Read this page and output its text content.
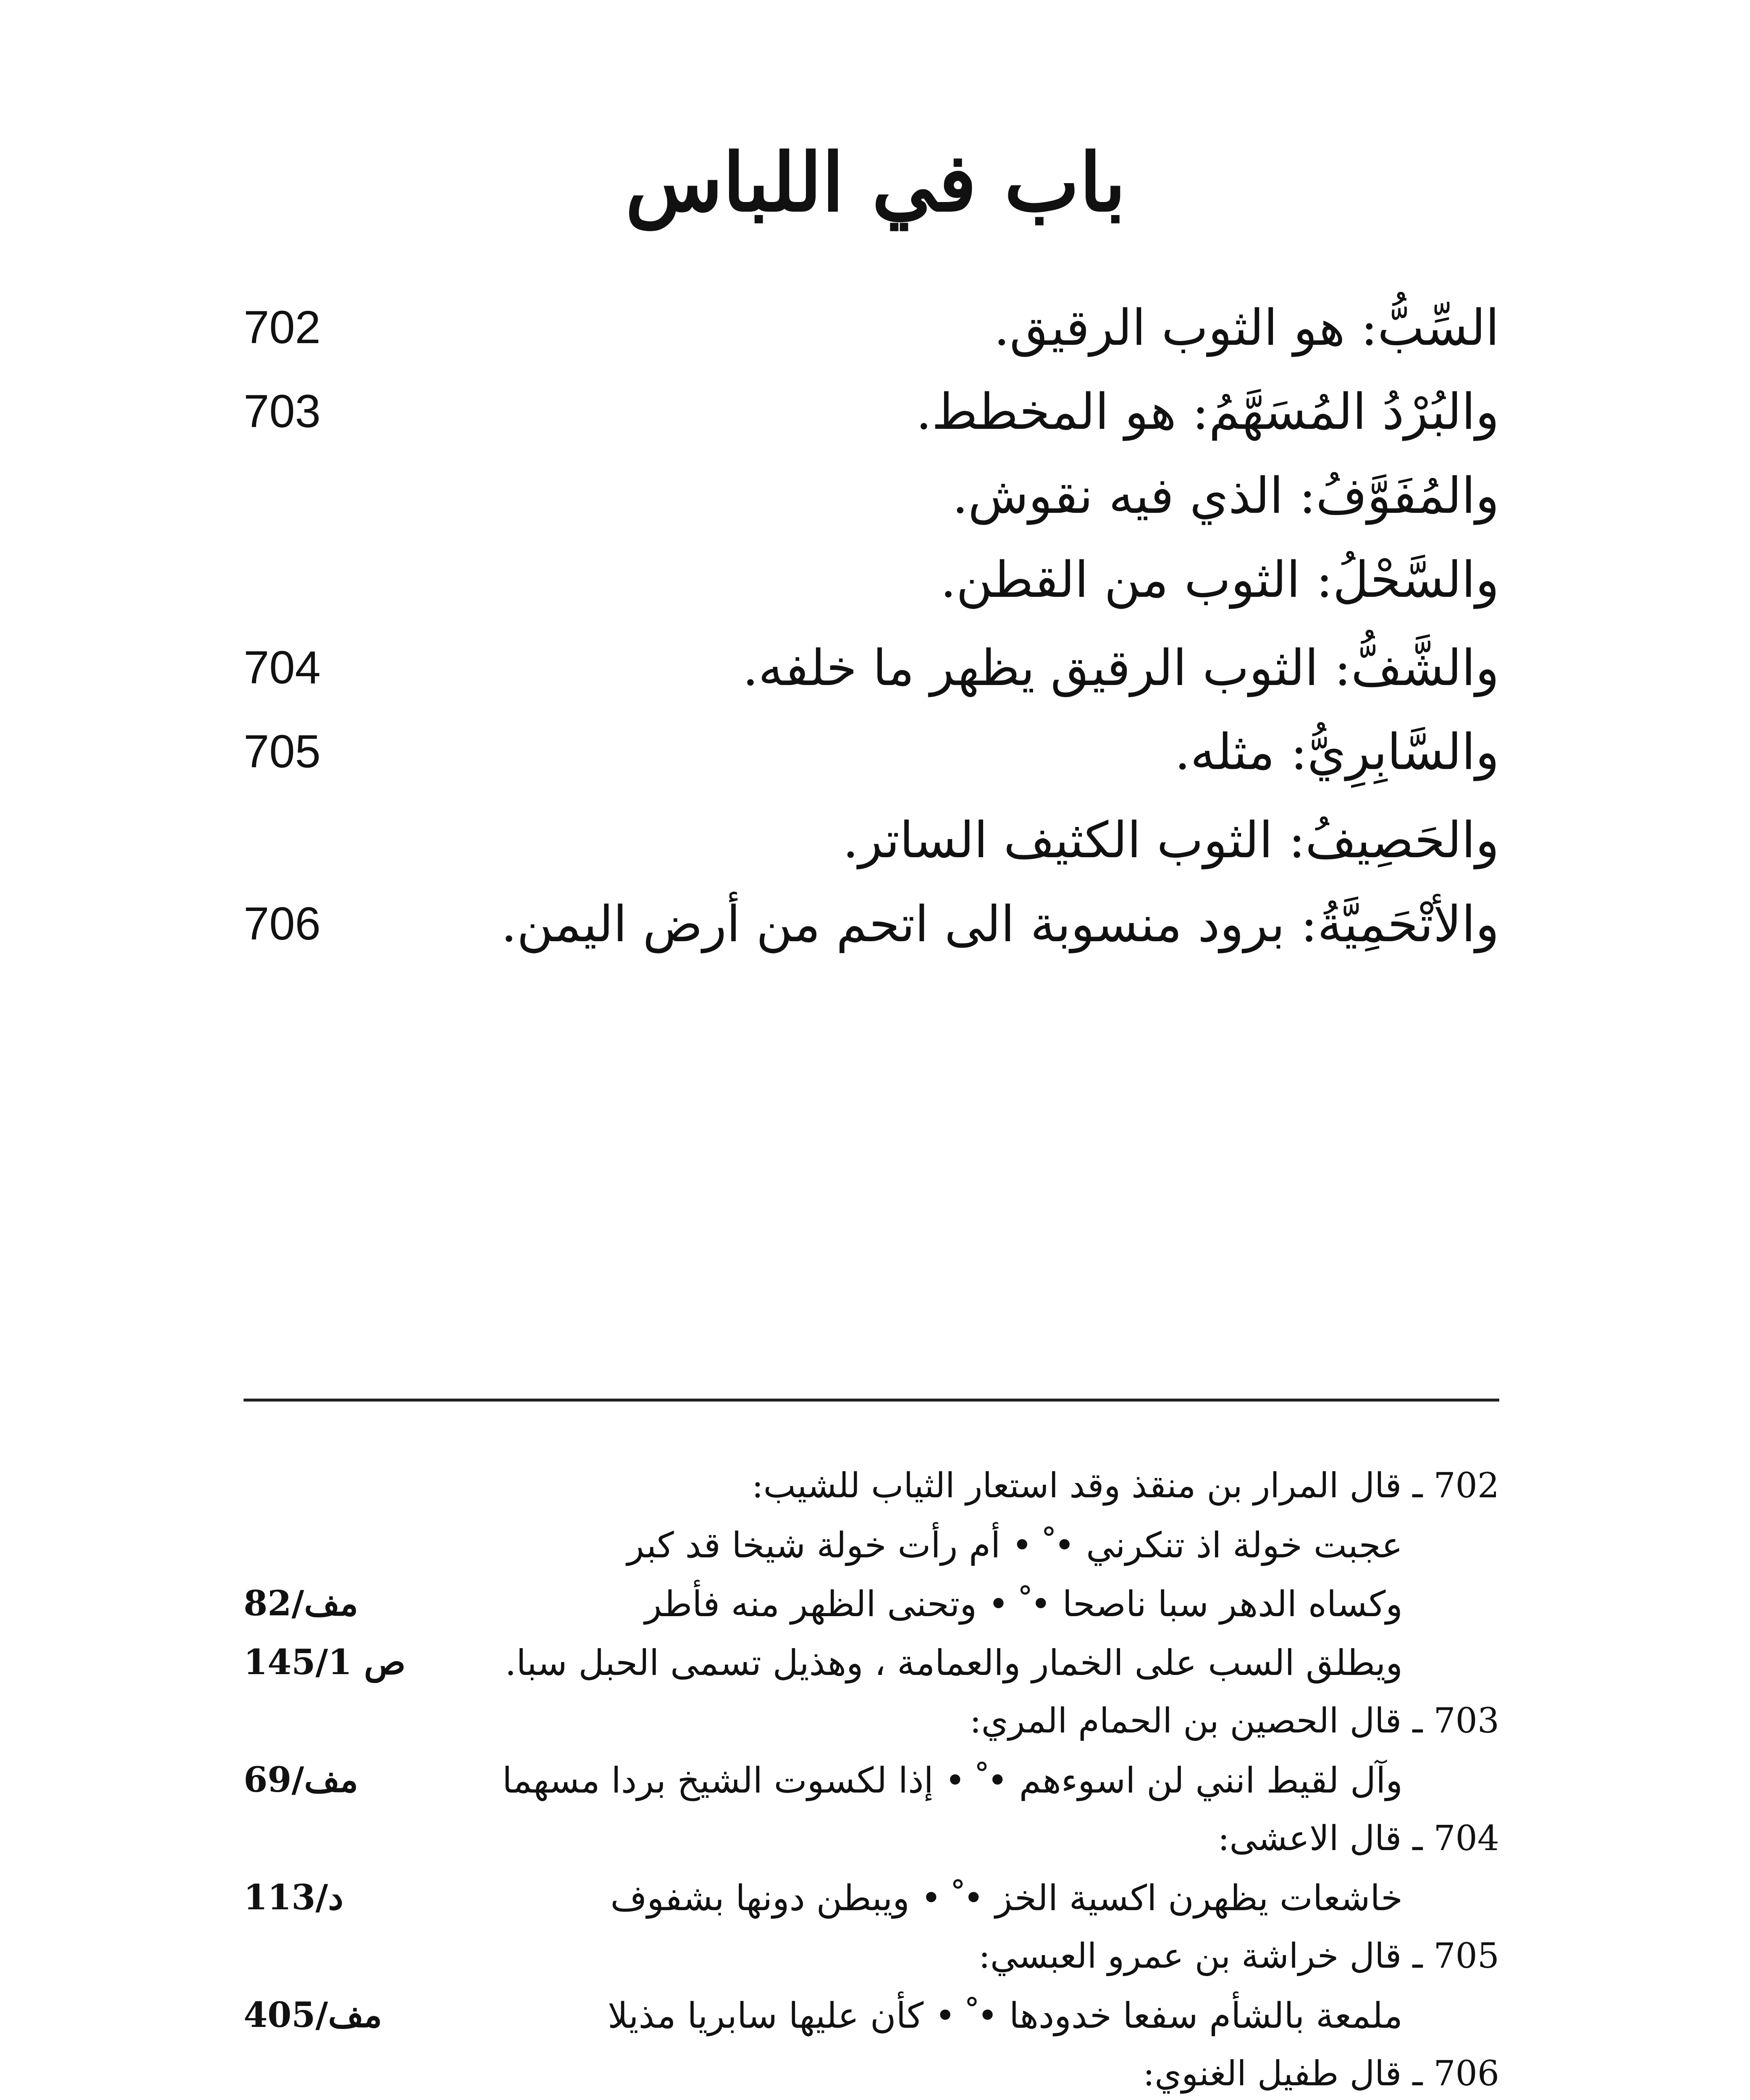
باب في اللباس
السِّبُّ: هو الثوب الرقيق.
702
والبُرْدُ المُسَهَّمُ: هو المخطط.
703
والمُفَوَّفُ: الذي فيه نقوش.
والسَّحْلُ: الثوب من القطن.
والشَّفُّ: الثوب الرقيق يظهر ما خلفه.
704
والسَّابِرِيُّ: مثله.
705
والحَصِيفُ: الثوب الكثيف الساتر.
والأتْحَمِيَّةُ: برود منسوبة الى اتحم من أرض اليمن.
706
702 ـ قال المرار بن منقذ وقد استعار الثياب للشيب:
عجبت خولة اذ تنكرني • ْ • أم رأت خولة شيخا قد كبر
وكساه الدهر سبا ناصحا • ْ • وتحنى الظهر منه فأطر
مف/82
ويطلق السب على الخمار والعمامة ، وهذيل تسمى الحبل سبا.
ص 145/1
703 ـ قال الحصين بن الحمام المري:
وآل لقيط انني لن اسوءهم • ْ • إذا لكسوت الشيخ بردا مسهما
مف/69
704 ـ قال الاعشى:
خاشعات يظهرن اكسية الخز • ْ • ويبطن دونها بشفوف
د/113
705 ـ قال خراشة بن عمرو العبسي:
ملمعة بالشأم سفعا خدودها • ْ • كأن عليها سابريا مذيلا
مف/405
706 ـ قال طفيل الغنوي:
